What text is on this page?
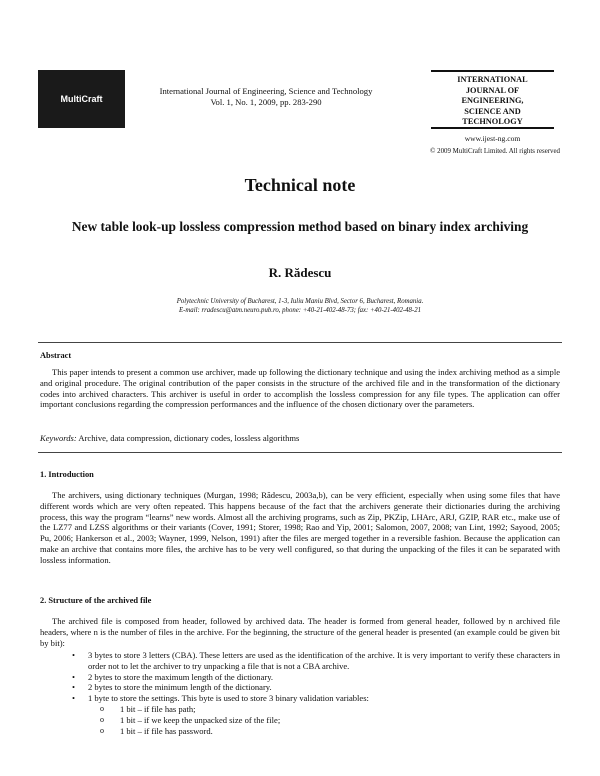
MultiCraft
International Journal of Engineering, Science and Technology
Vol. 1, No. 1, 2009, pp. 283-290
INTERNATIONAL
JOURNAL OF
ENGINEERING,
SCIENCE AND
TECHNOLOGY
www.ijest-ng.com
© 2009 MultiCraft Limited. All rights reserved
Technical note
New table look-up lossless compression method based on binary index archiving
R. Rădescu
Polytechnic University of Bucharest, 1-3, Iuliu Maniu Blvd, Sector 6, Bucharest, Romania.
E-mail: rradescu@atm.neuro.pub.ro, phone: +40-21-402-48-73; fax: +40-21-402-48-21
Abstract

This paper intends to present a common use archiver, made up following the dictionary technique and using the index archiving method as a simple and original procedure. The original contribution of the paper consists in the structure of the archived file and in the transformation of the dictionary codes into archived characters. This archiver is useful in order to accomplish the lossless compression for any file types. The application can offer important conclusions regarding the compression performances and the influence of the chosen dictionary over the parameters.

Keywords: Archive, data compression, dictionary codes, lossless algorithms
1. Introduction

The archivers, using dictionary techniques (Murgan, 1998; Rădescu, 2003a,b), can be very efficient, especially when using some files that have different words which are very often repeated. This happens because of the fact that the archivers generate their dictionaries during the archiving process, this way the program “learns” new words. Almost all the archiving programs, such as Zip, PKZip, LHArc, ARJ, GZIP, RAR etc., make use of the LZ77 and LZSS algorithms or their variants (Cover, 1991; Storer, 1998; Rao and Yip, 2001; Salomon, 2007, 2008; van Lint, 1992; Sayood, 2005; Pu, 2006; Hankerson et al., 2003; Wayner, 1999, Nelson, 1991) after the files are merged together in a reversible fashion. Because the application can make an archive that contains more files, the archive has to be very well configured, so that during the unpacking of the files it can be separated with lossless information.

2. Structure of the archived file

The archived file is composed from header, followed by archived data. The header is formed from general header, followed by n archived file headers, where n is the number of files in the archive. For the beginning, the structure of the general header is presented (an example could be given bit by bit):

• 3 bytes to store 3 letters (CBA). These letters are used as the identification of the archive. It is very important to verify these characters in order not to let the archiver to try unpacking a file that is not a CBA archive.
• 2 bytes to store the maximum length of the dictionary.
• 2 bytes to store the minimum length of the dictionary.
• 1 byte to store the settings. This byte is used to store 3 binary validation variables:
o 1 bit – if file has path;
o 1 bit – if we keep the unpacked size of the file;
o 1 bit – if file has password.
